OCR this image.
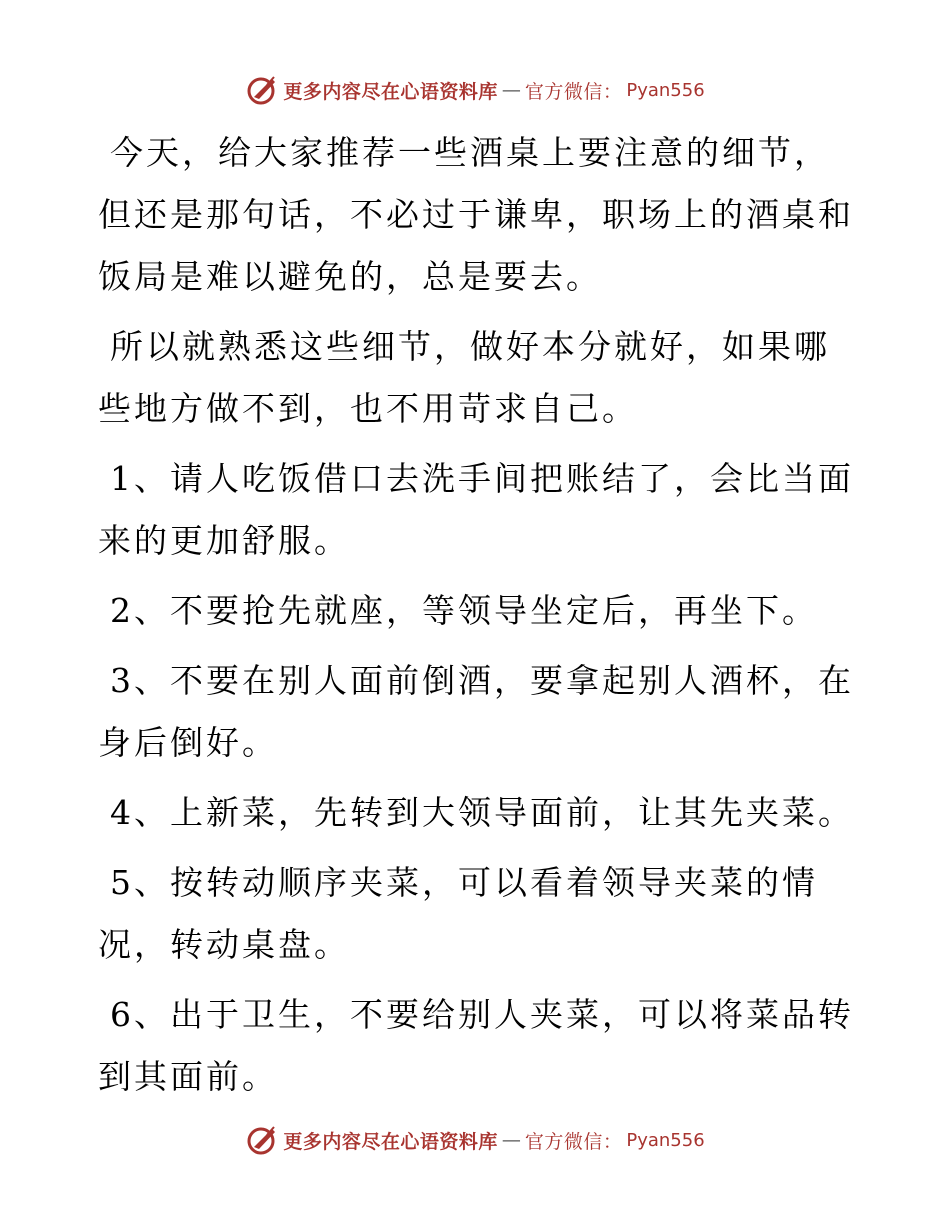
更多内容尽在心语资料库 — 官方微信： Pyan556

今天，给大家推荐一些酒桌上要注意的细节，但还是那句话，不必过于谦卑，职场上的酒桌和饭局是难以避免的，总是要去。

所以就熟悉这些细节，做好本分就好，如果哪些地方做不到，也不用苛求自己。

1、请人吃饭借口去洗手间把账结了，会比当面来的更加舒服。

2、不要抢先就座，等领导坐定后，再坐下。

3、不要在别人面前倒酒，要拿起别人酒杯，在身后倒好。

4、上新菜，先转到大领导面前，让其先夹菜。

5、按转动顺序夹菜，可以看着领导夹菜的情况，转动桌盘。

6、出于卫生，不要给别人夹菜，可以将菜品转到其面前。

更多内容尽在心语资料库 — 官方微信： Pyan556
